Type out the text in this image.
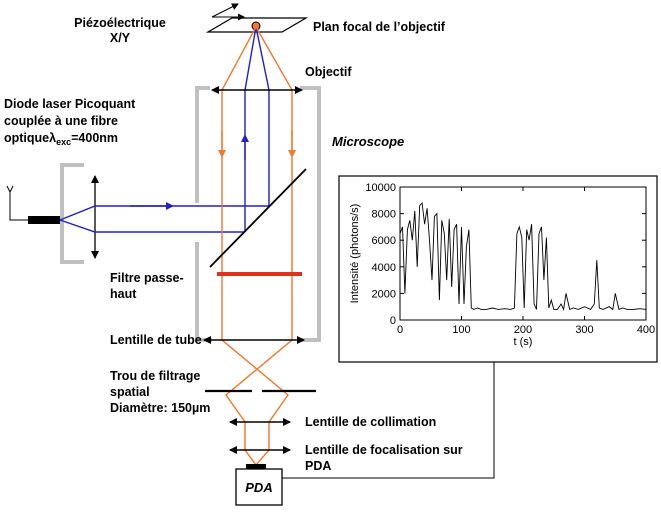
PDA
Piézoélectrique
X/Y
Plan focal de l’objectif
Objectif
Diode laser Picoquant
couplée à une fibre
optiqueλ$_{exc}$=400nm	Microscope
Filtre passe-
haut
Lentille de tube
Trou de filtrage
spatial
Diamètre: 150µm
Lentille de collimation
Lentille de focalisation sur
PDA
0	100	200	300	400
0
2000
4000
6000
8000
10000
t (s)
Intensité (photons/s)
